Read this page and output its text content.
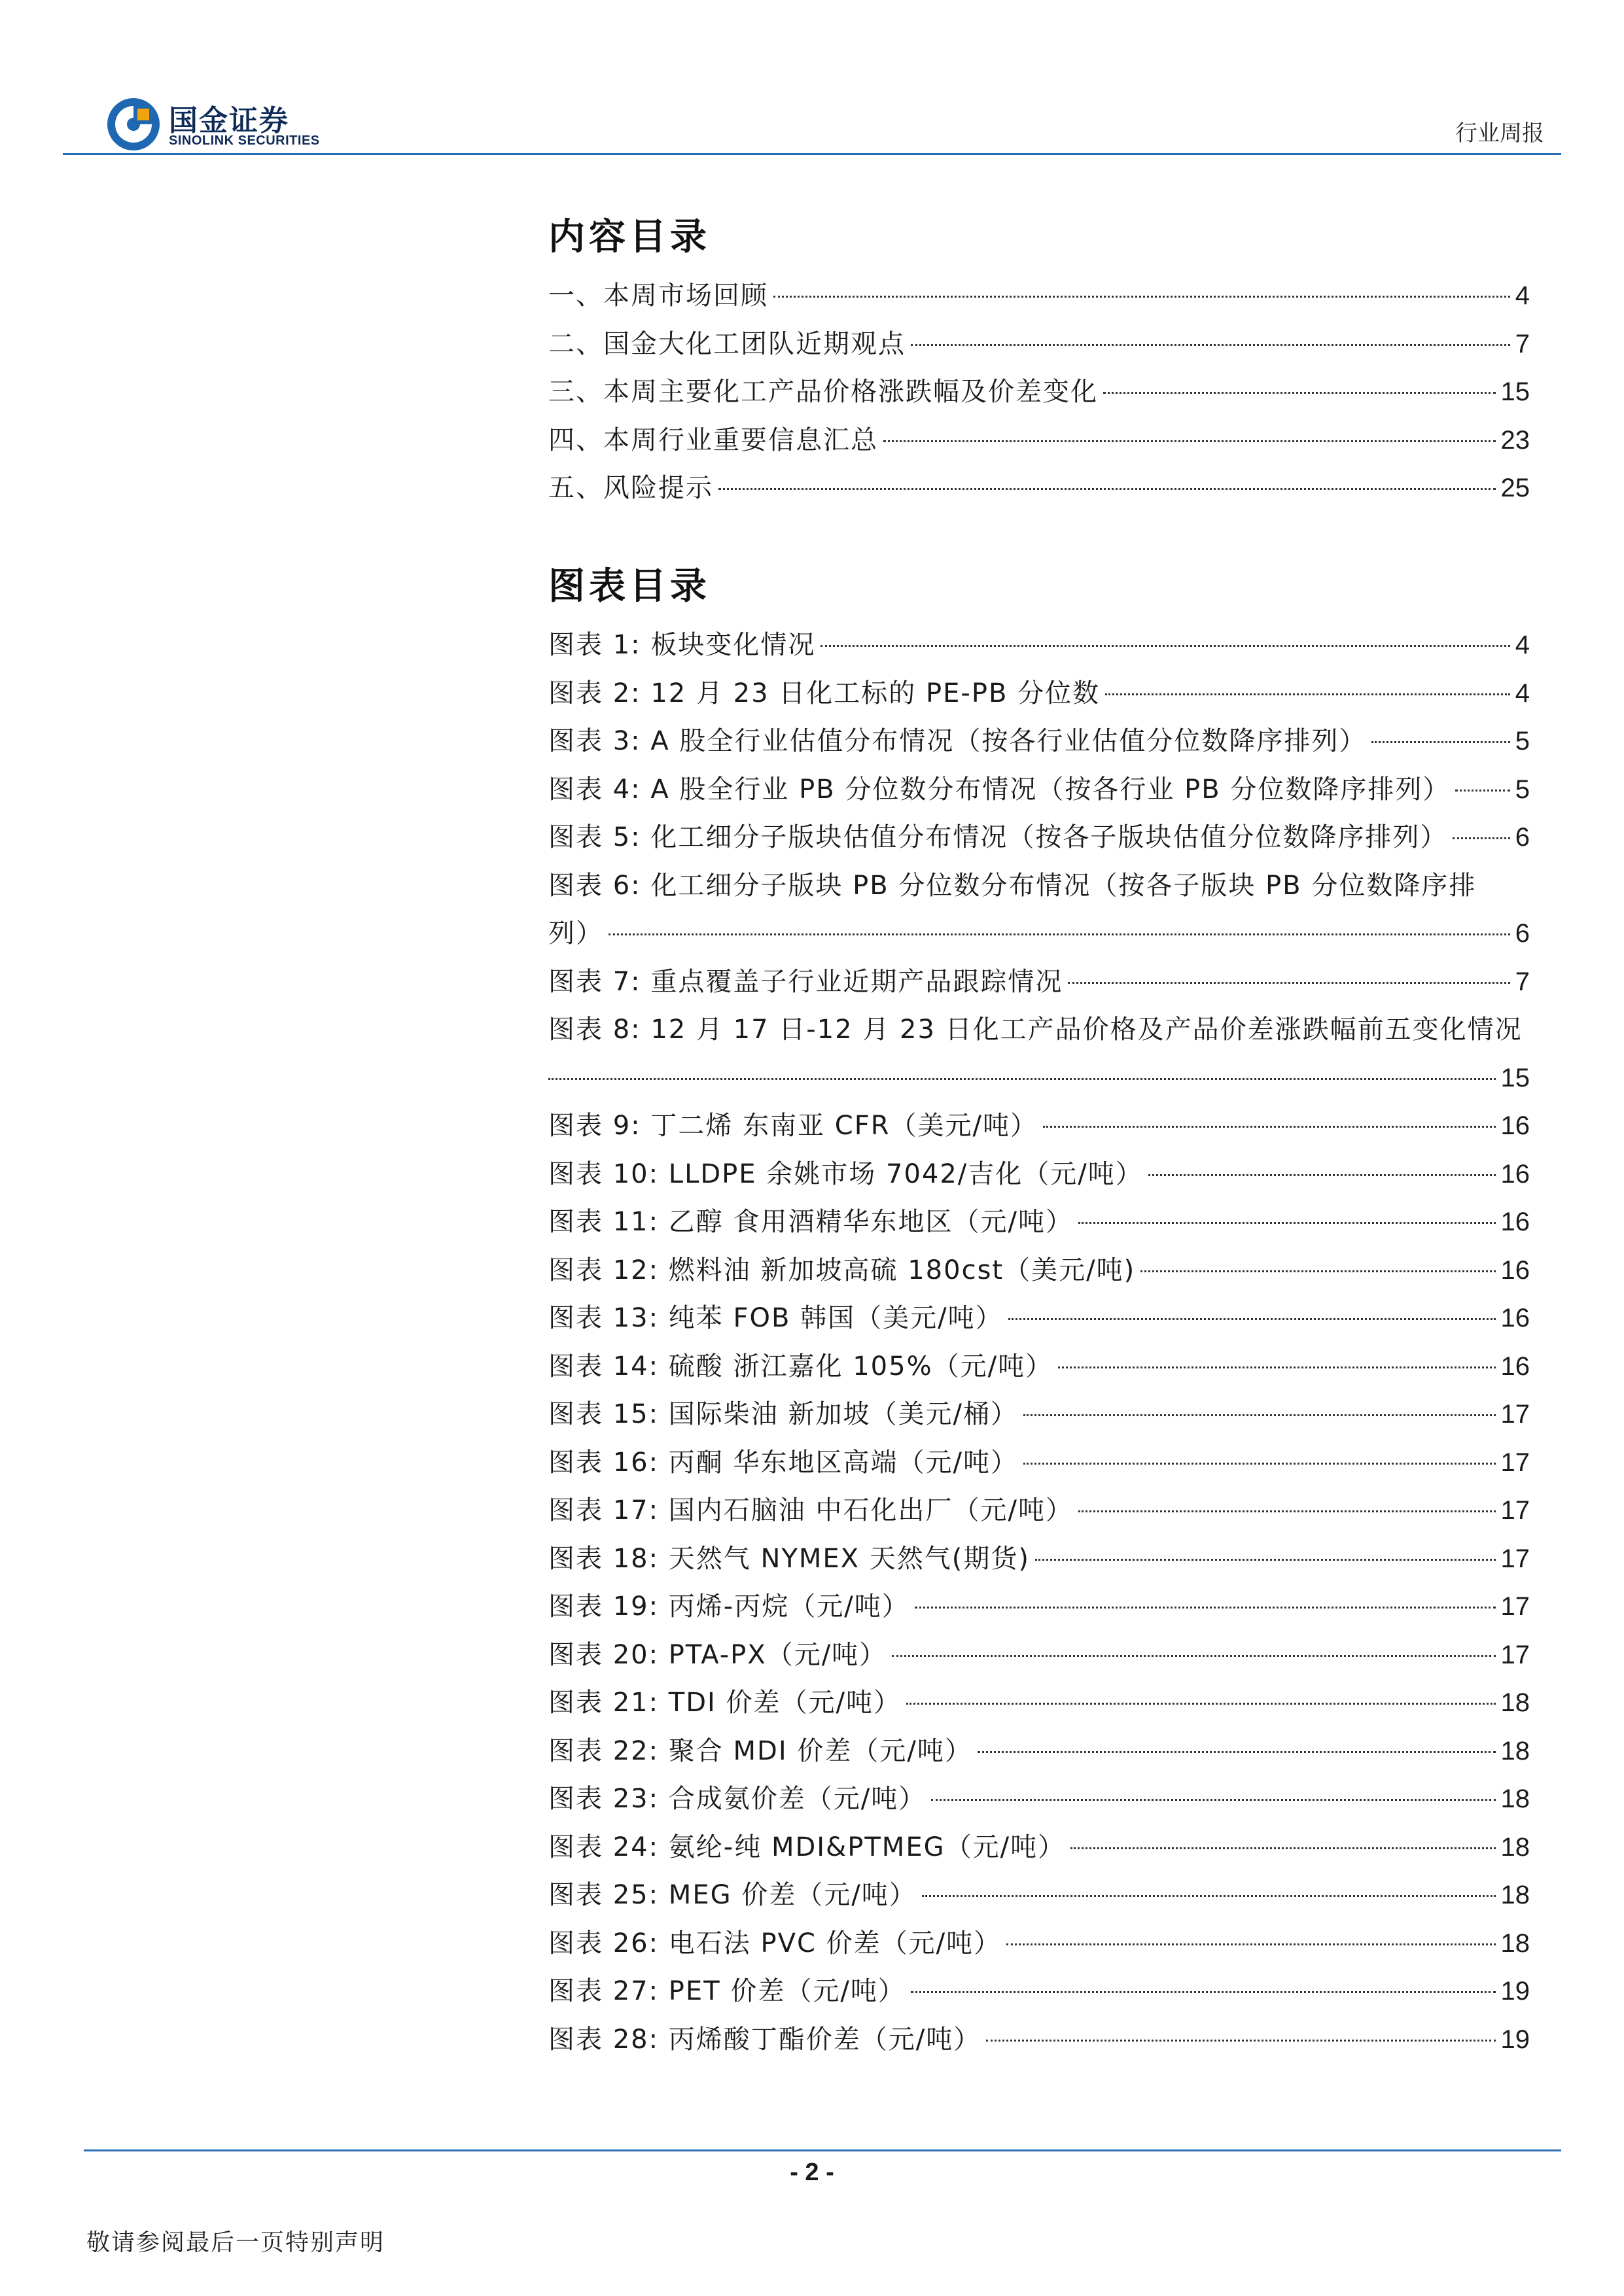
国金证券
SINOLINK SECURITIES	行业周报
内容目录
一、本周市场回顾	4
二、国金大化工团队近期观点	7
三、本周主要化工产品价格涨跌幅及价差变化	15
四、本周行业重要信息汇总	23
五、风险提示	25
图表目录
图表 1: 板块变化情况	4
图表 2: 12 月 23 日化工标的 PE-PB 分位数	4
图表 3: A 股全行业估值分布情况（按各行业估值分位数降序排列）	5
图表 4: A 股全行业 PB 分位数分布情况（按各行业 PB 分位数降序排列） 5
图表 5: 化工细分子版块估值分布情况（按各子版块估值分位数降序排列）	6
图表 6: 化工细分子版块 PB 分位数分布情况（按各子版块 PB 分位数降序排
列）	6
图表 7: 重点覆盖子行业近期产品跟踪情况	7
图表 8: 12 月 17 日-12 月 23 日化工产品价格及产品价差涨跌幅前五变化情况
15
图表 9: 丁二烯 东南亚 CFR（美元/吨）	16
图表 10: LLDPE 余姚市场 7042/吉化（元/吨）	16
图表 11: 乙醇 食用酒精华东地区（元/吨）	16
图表 12: 燃料油 新加坡高硫 180cst（美元/吨)	16
图表 13: 纯苯 FOB 韩国（美元/吨）	16
图表 14: 硫酸 浙江嘉化 105%（元/吨）	16
图表 15: 国际柴油 新加坡（美元/桶）	17
图表 16: 丙酮 华东地区高端（元/吨）	17
图表 17: 国内石脑油 中石化出厂（元/吨）	17
图表 18: 天然气 NYMEX 天然气(期货)	17
图表 19: 丙烯-丙烷（元/吨）	17
图表 20: PTA-PX（元/吨）	17
图表 21: TDI 价差（元/吨）	18
图表 22: 聚合 MDI 价差（元/吨）	18
图表 23: 合成氨价差（元/吨）	18
图表 24: 氨纶-纯 MDI&PTMEG（元/吨）	18
图表 25: MEG 价差（元/吨）	18
图表 26: 电石法 PVC 价差（元/吨）	18
图表 27: PET 价差（元/吨）	19
图表 28: 丙烯酸丁酯价差（元/吨）	19
- 2 -
敬请参阅最后一页特别声明
